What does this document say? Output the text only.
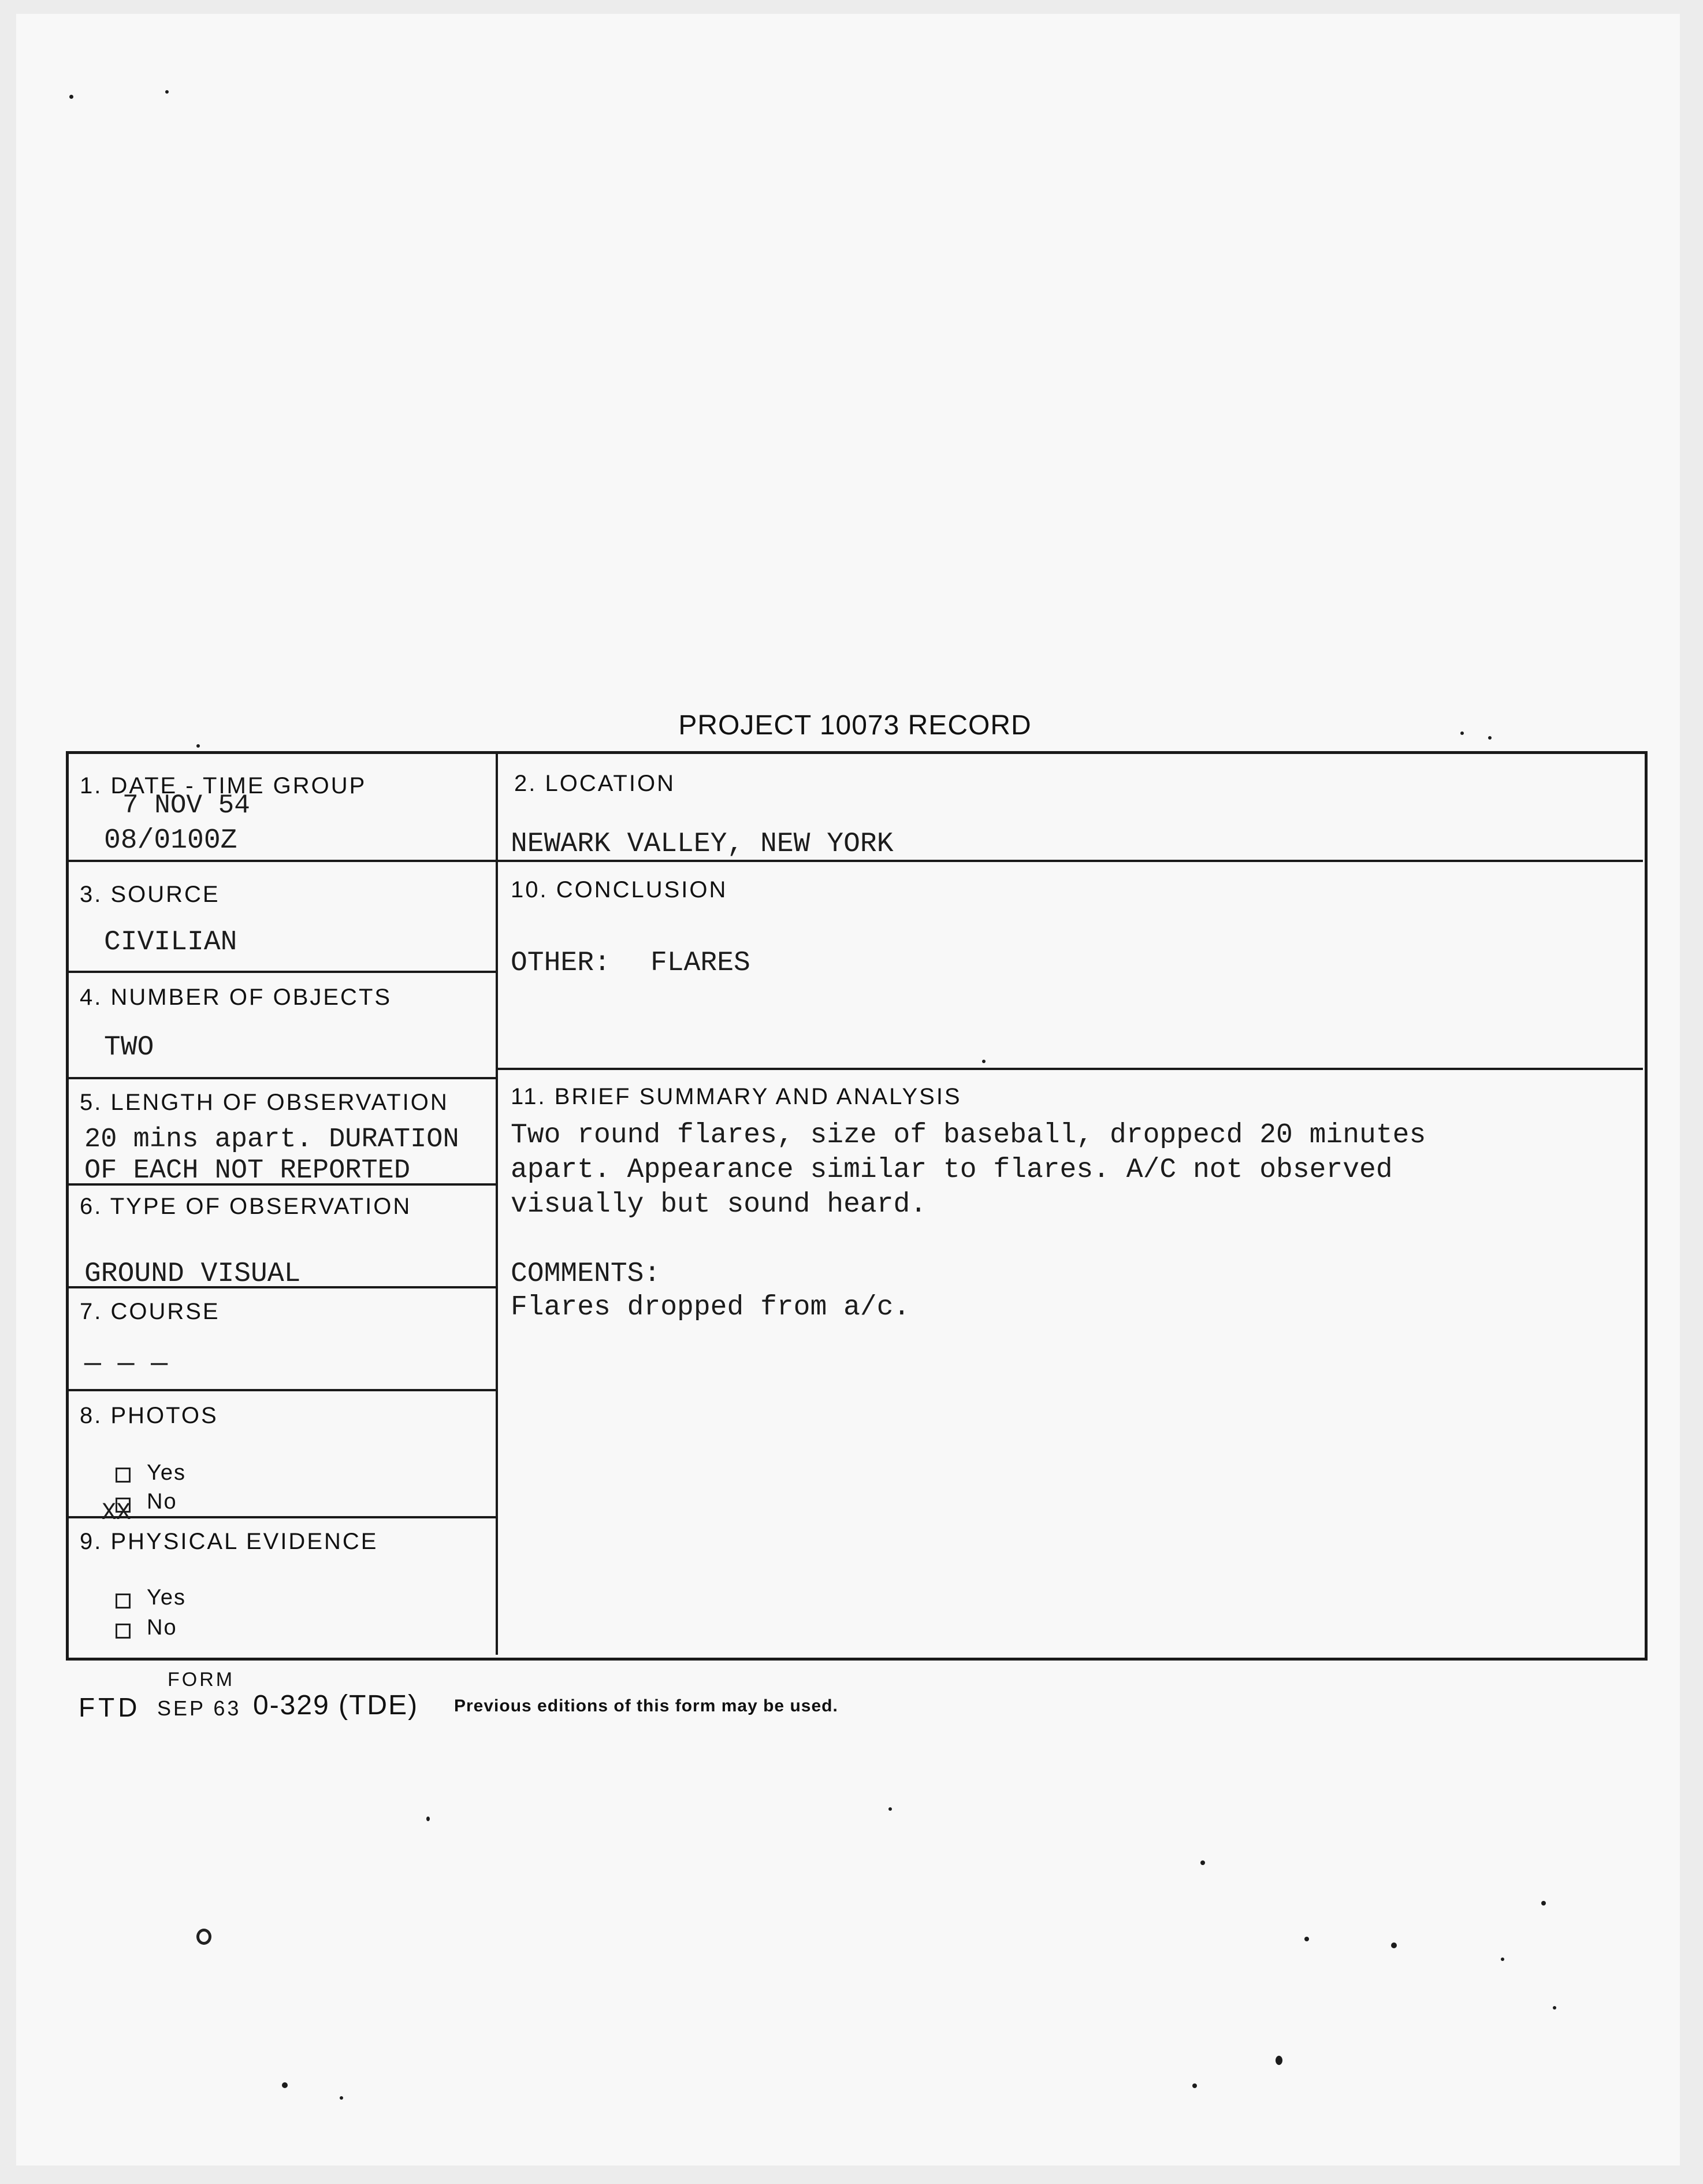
PROJECT 10073 RECORD
1. DATE - TIME GROUP
7 NOV 54
08/0100Z
2. LOCATION
NEWARK VALLEY, NEW YORK
3. SOURCE
CIVILIAN
4. NUMBER OF OBJECTS
TWO
5. LENGTH OF OBSERVATION
20 mins apart. DURATION
OF EACH NOT REPORTED
6. TYPE OF OBSERVATION
GROUND VISUAL
7. COURSE
— — —
8. PHOTOS
Yes
No
XX
9. PHYSICAL EVIDENCE
Yes
No
10. CONCLUSION
OTHER: FLARES
11. BRIEF SUMMARY AND ANALYSIS
Two round flares, size of baseball, droppecd 20 minutes
apart. Appearance similar to flares. A/C not observed
visually but sound heard.
COMMENTS:
Flares dropped from a/c.
FORM
FTD SEP 63 0-329 (TDE) Previous editions of this form may be used.
